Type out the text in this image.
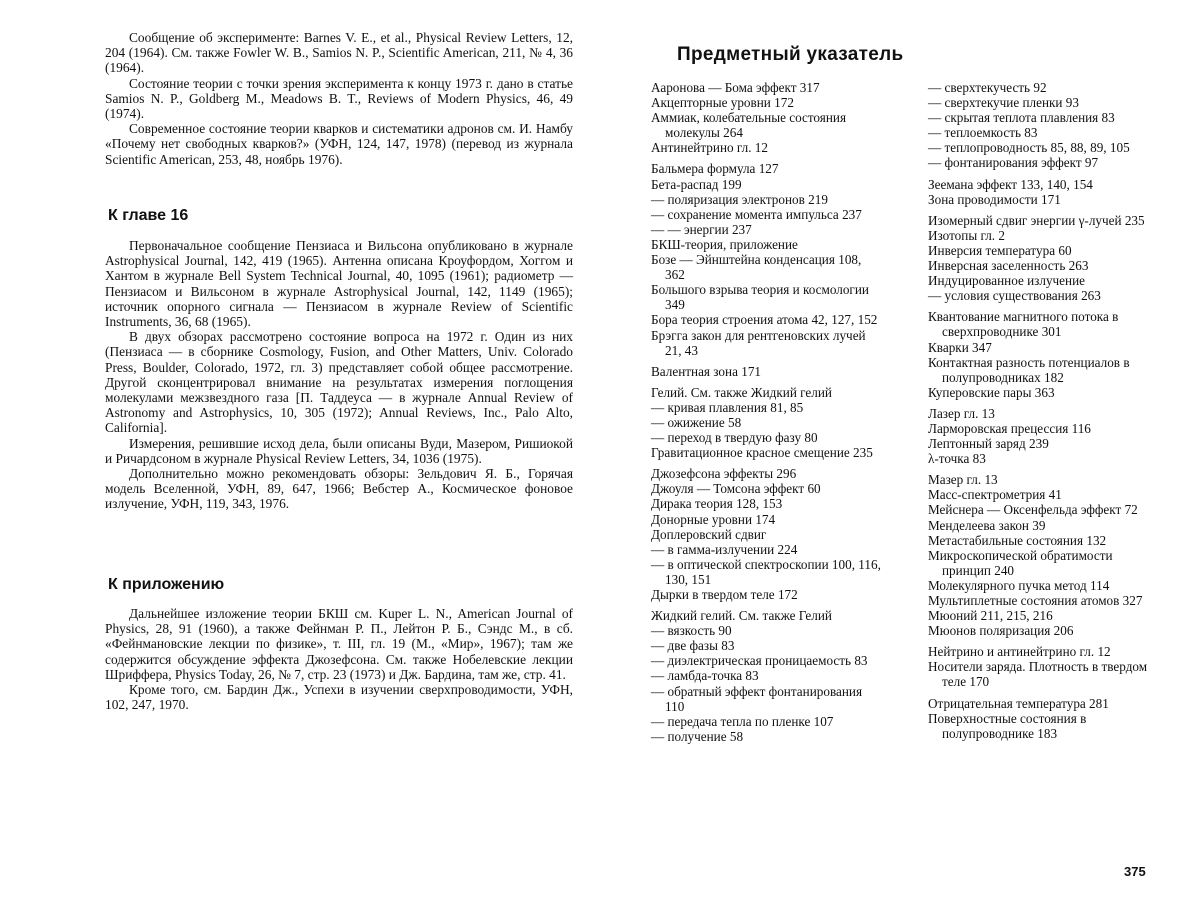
Сообщение об эксперименте: Barnes V. E., et al., Physical Review Letters, 12, 204 (1964). См. также Fowler W. B., Samios N. P., Scientific American, 211, № 4, 36 (1964).

Состояние теории с точки зрения эксперимента к концу 1973 г. дано в статье Samios N. P., Goldberg M., Meadows B. T., Reviews of Modern Physics, 46, 49 (1974).

Современное состояние теории кварков и систематики адронов см. И. Намбу «Почему нет свободных кварков?» (УФН, 124, 147, 1978) (перевод из журнала Scientific American, 253, 48, ноябрь 1976).

К главе 16

Первоначальное сообщение Пензиаса и Вильсона опубликовано в журнале Astrophysical Journal, 142, 419 (1965). Антенна описана Кроуфордом, Хоггом и Хантом в журнале Bell System Technical Journal, 40, 1095 (1961); радиометр — Пензиасом и Вильсоном в журнале Astrophysical Journal, 142, 1149 (1965); источник опорного сигнала — Пензиасом в журнале Review of Scientific Instruments, 36, 68 (1965).

В двух обзорах рассмотрено состояние вопроса на 1972 г. Один из них (Пензиаса — в сборнике Cosmology, Fusion, and Other Matters, Univ. Colorado Press, Boulder, Colorado, 1972, гл. 3) представляет собой общее рассмотрение. Другой сконцентрировал внимание на результатах измерения поглощения молекулами межзвездного газа [П. Таддеуса — в журнале Annual Review of Astronomy and Astrophysics, 10, 305 (1972); Annual Reviews, Inc., Palo Alto, California].

Измерения, решившие исход дела, были описаны Вуди, Мазером, Ришиокой и Ричардсоном в журнале Physical Review Letters, 34, 1036 (1975).

Дополнительно можно рекомендовать обзоры: Зельдович Я. Б., Горячая модель Вселенной, УФН, 89, 647, 1966; Вебстер А., Космическое фоновое излучение, УФН, 119, 343, 1976.

К приложению

Дальнейшее изложение теории БКШ см. Kuper L. N., American Journal of Physics, 28, 91 (1960), а также Фейнман Р. П., Лейтон Р. Б., Сэндс М., в сб. «Фейнмановские лекции по физике», т. III, гл. 19 (М., «Мир», 1967); там же содержится обсуждение эффекта Джозефсона. См. также Нобелевские лекции Шриффера, Physics Today, 26, № 7, стр. 23 (1973) и Дж. Бардина, там же, стр. 41.

Кроме того, см. Бардин Дж., Успехи в изучении сверхпроводимости, УФН, 102, 247, 1970.

Предметный указатель
Ааронова — Бома эффект 317
Акцепторные уровни 172
Аммиак, колебательные состояния молекулы 264
Антинейтрино гл. 12
Бальмера формула 127
Бета-распад 199
— поляризация электронов 219
— сохранение момента импульса 237
— — энергии 237
БКШ-теория, приложение
Бозе — Эйнштейна конденсация 108, 362
Большого взрыва теория и космологии 349
Бора теория строения атома 42, 127, 152
Брэгга закон для рентгеновских лучей 21, 43
Валентная зона 171
Гелий. См. также Жидкий гелий
— кривая плавления 81, 85
— ожижение 58
— переход в твердую фазу 80
Гравитационное красное смещение 235
Джозефсона эффекты 296
Джоуля — Томсона эффект 60
Дирака теория 128, 153
Донорные уровни 174
Доплеровский сдвиг
— в гамма-излучении 224
— в оптической спектроскопии 100, 116, 130, 151
Дырки в твердом теле 172
Жидкий гелий. См. также Гелий
— вязкость 90
— две фазы 83
— диэлектрическая проницаемость 83
— ламбда-точка 83
— обратный эффект фонтанирования 110
— передача тепла по пленке 107
— получение 58
— сверхтекучесть 92
— сверхтекучие пленки 93
— скрытая теплота плавления 83
— теплоемкость 83
— теплопроводность 85, 88, 89, 105
— фонтанирования эффект 97
Зеемана эффект 133, 140, 154
Зона проводимости 171
Изомерный сдвиг энергии γ-лучей 235
Изотопы гл. 2
Инверсия температура 60
Инверсная заселенность 263
Индуцированное излучение
— условия существования 263
Квантование магнитного потока в сверхпроводнике 301
Кварки 347
Контактная разность потенциалов в полупроводниках 182
Куперовские пары 363
Лазер гл. 13
Ларморовская прецессия 116
Лептонный заряд 239
λ-точка 83
Мазер гл. 13
Масс-спектрометрия 41
Мейснера — Оксенфельда эффект 72
Менделеева закон 39
Метастабильные состояния 132
Микроскопической обратимости принцип 240
Молекулярного пучка метод 114
Мультиплетные состояния атомов 327
Мюоний 211, 215, 216
Мюонов поляризация 206
Нейтрино и антинейтрино гл. 12
Носители заряда. Плотность в твердом теле 170
Отрицательная температура 281
Поверхностные состояния в полупроводнике 183
375
